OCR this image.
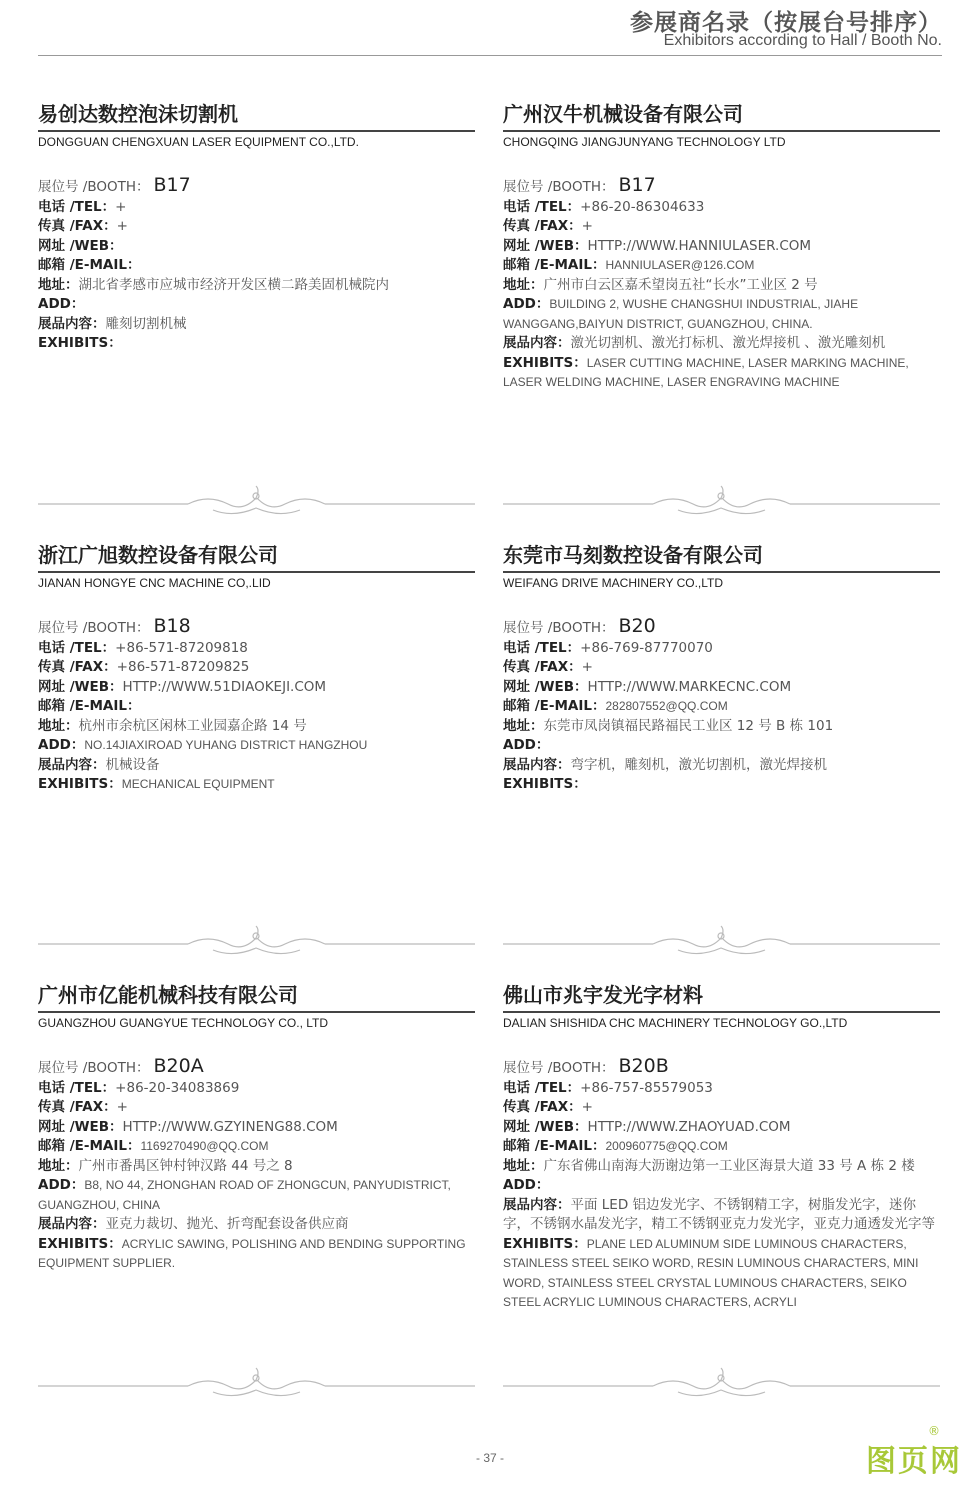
参展商名录（按展台号排序）
Exhibitors according to Hall / Booth No.
易创达数控泡沫切割机
DONGGUAN CHENGXUAN LASER EQUIPMENT CO.,LTD.
展位号 /BOOTH： B17
电话 /TEL：+
传真 /FAX：+
网址 /WEB：
邮箱 /E-MAIL：
地址：湖北省孝感市应城市经济开发区横二路美固机械院内
ADD：
展品内容：雕刻切割机械
EXHIBITS：
广州汉牛机械设备有限公司
CHONGQING JIANGJUNYANG TECHNOLOGY LTD
展位号 /BOOTH： B17
电话 /TEL：+86-20-86304633
传真 /FAX：+
网址 /WEB：HTTP://WWW.HANNIULASER.COM
邮箱 /E-MAIL：HANNIULASER@126.COM
地址：广州市白云区嘉禾望岗五社“长水”工业区 2 号
ADD：BUILDING 2, WUSHE CHANGSHUI INDUSTRIAL, JIAHE WANGGANG,BAIYUN DISTRICT, GUANGZHOU, CHINA.
展品内容：激光切割机、激光打标机、激光焊接机 、激光雕刻机
EXHIBITS：LASER CUTTING MACHINE, LASER MARKING MACHINE, LASER WELDING MACHINE, LASER ENGRAVING MACHINE
浙江广旭数控设备有限公司
JIANAN HONGYE CNC MACHINE CO,.LID
展位号 /BOOTH： B18
电话 /TEL：+86-571-87209818
传真 /FAX：+86-571-87209825
网址 /WEB：HTTP://WWW.51DIAOKEJI.COM
邮箱 /E-MAIL：
地址：杭州市余杭区闲林工业园嘉企路 14 号
ADD：NO.14JIAXIROAD YUHANG DISTRICT HANGZHOU
展品内容：机械设备
EXHIBITS：MECHANICAL EQUIPMENT
东莞市马刻数控设备有限公司
WEIFANG DRIVE MACHINERY CO.,LTD
展位号 /BOOTH： B20
电话 /TEL：+86-769-87770070
传真 /FAX：+
网址 /WEB：HTTP://WWW.MARKECNC.COM
邮箱 /E-MAIL：282807552@QQ.COM
地址：东莞市凤岗镇福民路福民工业区 12 号 B 栋 101
ADD：
展品内容：弯字机，雕刻机，激光切割机，激光焊接机
EXHIBITS：
广州市亿能机械科技有限公司
GUANGZHOU GUANGYUE TECHNOLOGY CO., LTD
展位号 /BOOTH： B20A
电话 /TEL：+86-20-34083869
传真 /FAX：+
网址 /WEB：HTTP://WWW.GZYINENG88.COM
邮箱 /E-MAIL：1169270490@QQ.COM
地址：广州市番禺区钟村钟汉路 44 号之 8
ADD：B8, NO 44, ZHONGHAN ROAD OF ZHONGCUN, PANYUDISTRICT, GUANGZHOU, CHINA
展品内容：亚克力裁切、抛光、折弯配套设备供应商
EXHIBITS：ACRYLIC SAWING, POLISHING AND BENDING SUPPORTING EQUIPMENT SUPPLIER.
佛山市兆宇发光字材料
DALIAN SHISHIDA CHC MACHINERY TECHNOLOGY GO.,LTD
展位号 /BOOTH： B20B
电话 /TEL：+86-757-85579053
传真 /FAX：+
网址 /WEB：HTTP://WWW.ZHAOYUAD.COM
邮箱 /E-MAIL：200960775@QQ.COM
地址：广东省佛山南海大沥谢边第一工业区海景大道 33 号 A 栋 2 楼
ADD：
展品内容：平面 LED 铝边发光字、不锈钢精工字，树脂发光字，迷你字，不锈钢水晶发光字，精工不锈钢亚克力发光字，亚克力通透发光字等
EXHIBITS：PLANE LED ALUMINUM SIDE LUMINOUS CHARACTERS, STAINLESS STEEL SEIKO WORD, RESIN LUMINOUS CHARACTERS, MINI WORD, STAINLESS STEEL CRYSTAL LUMINOUS CHARACTERS, SEIKO STEEL ACRYLIC LUMINOUS CHARACTERS, ACRYLI
- 37 -	图页网
®
